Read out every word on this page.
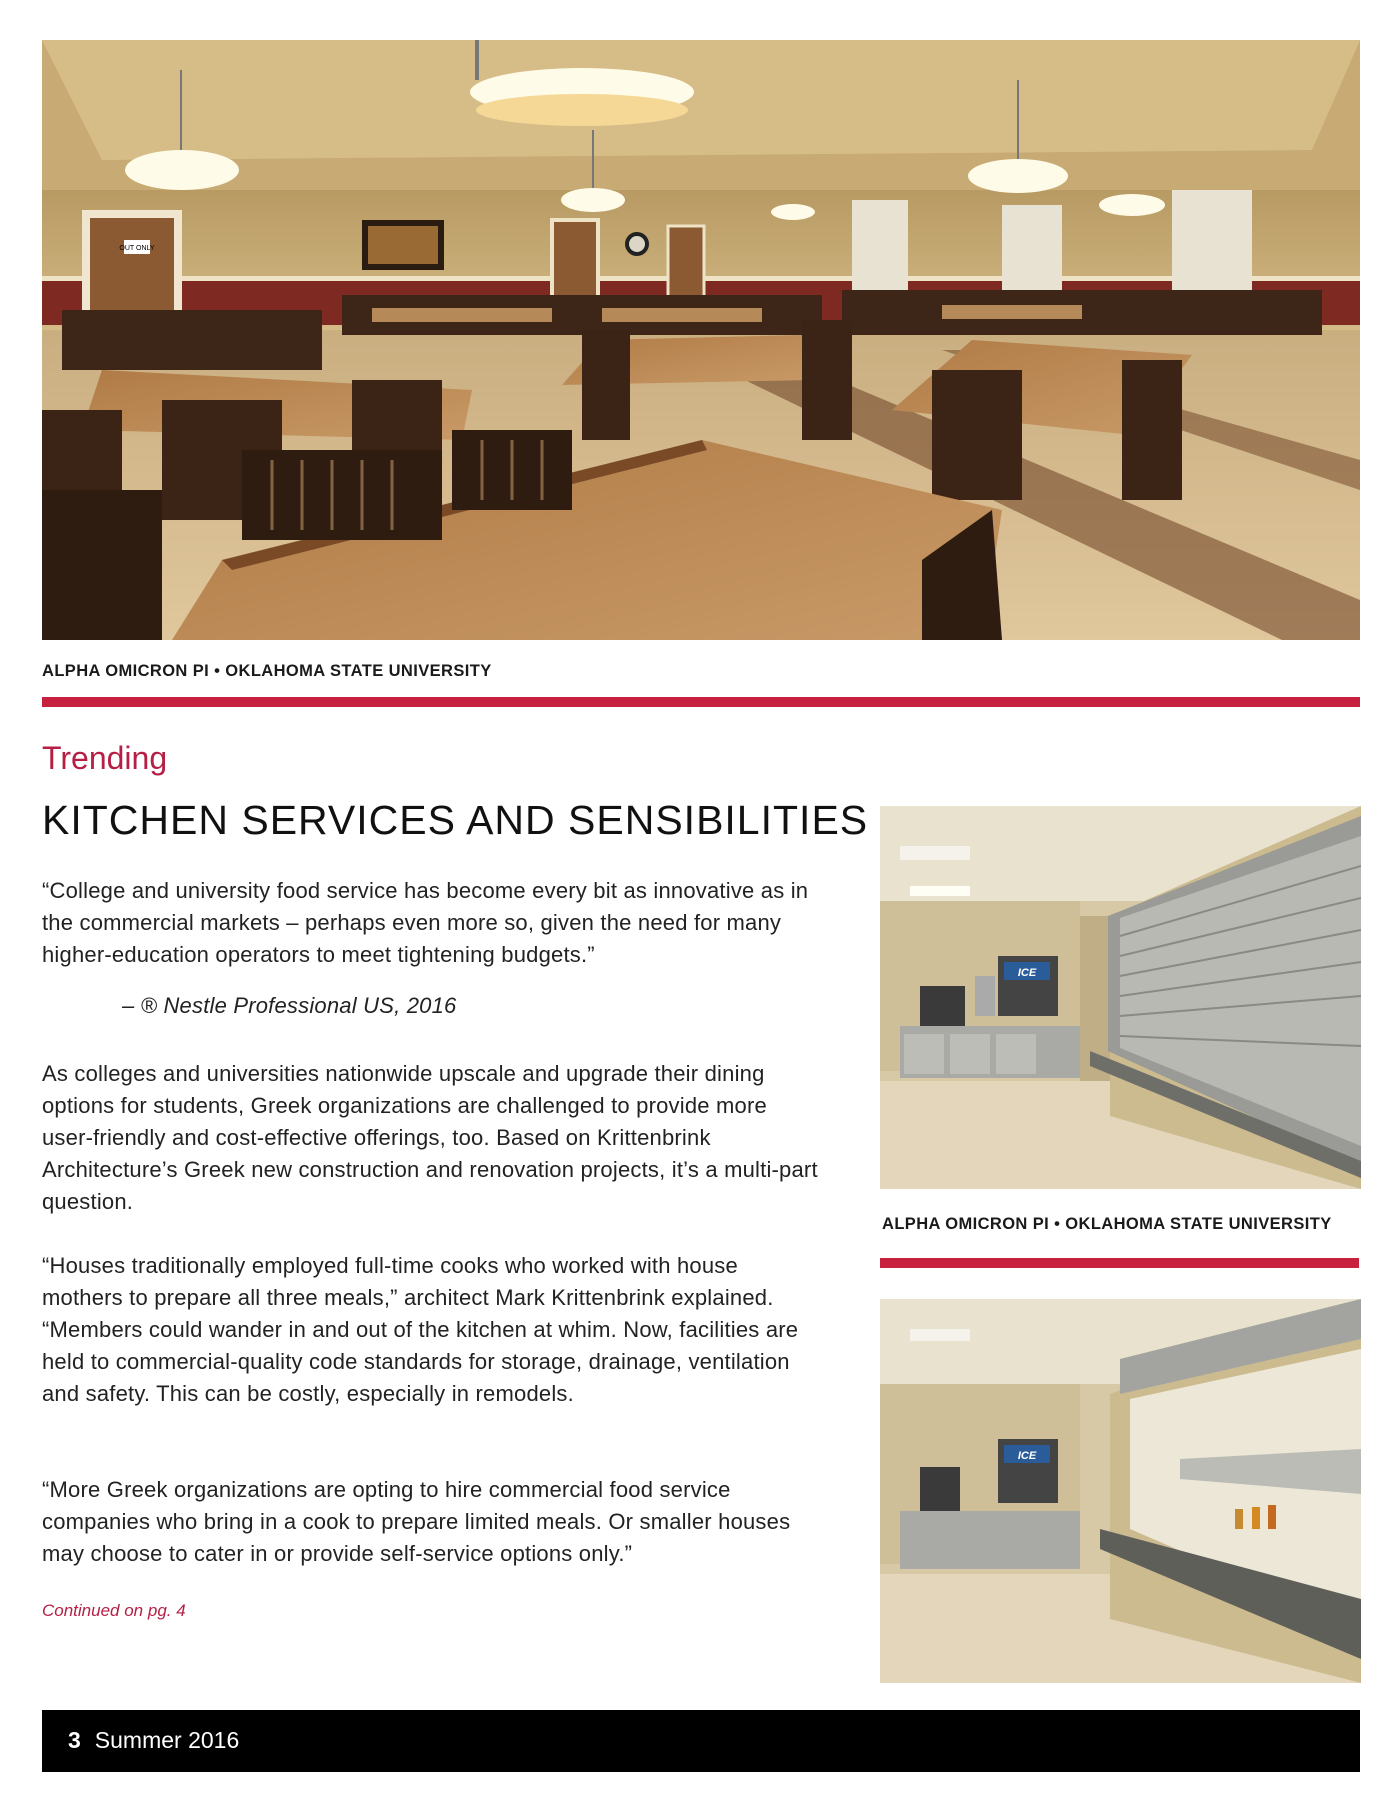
OUT ONLY
ALPHA OMICRON PI • OKLAHOMA STATE UNIVERSITY
Trending
KITCHEN SERVICES AND SENSIBILITIES
“College and university food service has become every bit as innovative as in the commercial markets – perhaps even more so, given the need for many higher-education operators to meet tightening budgets.”
– ® Nestle Professional US, 2016
As colleges and universities nationwide upscale and upgrade their dining options for students, Greek organizations are challenged to provide more user-friendly and cost-effective offerings, too. Based on Krittenbrink Architecture’s Greek new construction and renovation projects, it’s a multi-part question.
“Houses traditionally employed full-time cooks who worked with house mothers to prepare all three meals,” architect Mark Krittenbrink explained. “Members could wander in and out of the kitchen at whim. Now, facilities are held to commercial-quality code standards for storage, drainage, ventilation and safety. This can be costly, especially in remodels.
“More Greek organizations are opting to hire commercial food service companies who bring in a cook to prepare limited meals. Or smaller houses may choose to cater in or provide self-service options only.”
Continued on pg. 4
ICE
ALPHA OMICRON PI • OKLAHOMA STATE UNIVERSITY
ICE
3 Summer 2016
